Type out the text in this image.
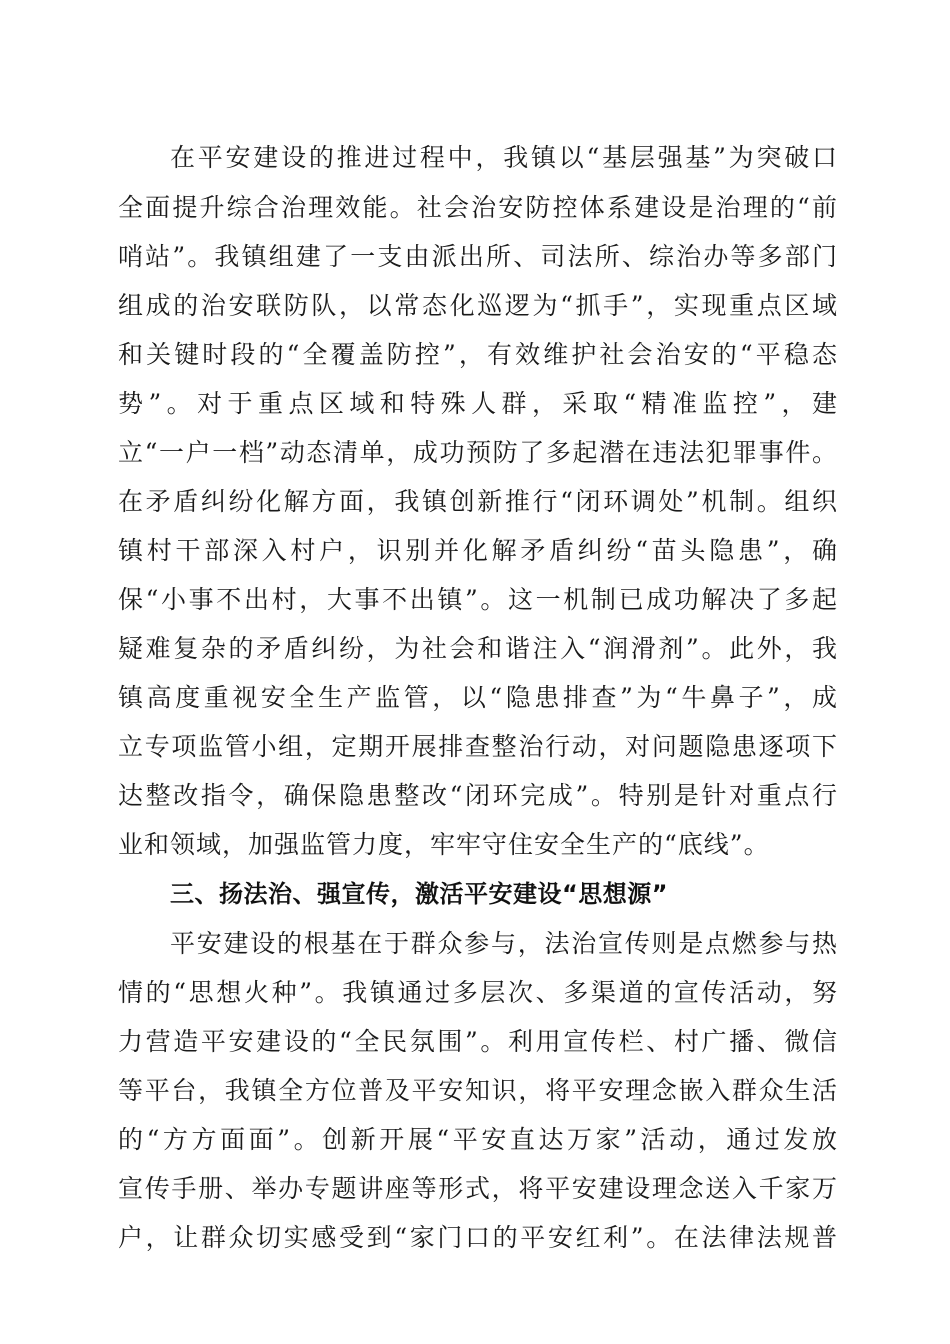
在平安建设的推进过程中，我镇以“基层强基”为突破口
全面提升综合治理效能。社会治安防控体系建设是治理的“前
哨站”。我镇组建了一支由派出所、司法所、综治办等多部门
组成的治安联防队，以常态化巡逻为“抓手”，实现重点区域
和关键时段的“全覆盖防控”，有效维护社会治安的“平稳态
势”。对于重点区域和特殊人群，采取“精准监控”，建
立“一户一档”动态清单，成功预防了多起潜在违法犯罪事件。
在矛盾纠纷化解方面，我镇创新推行“闭环调处”机制。组织
镇村干部深入村户，识别并化解矛盾纠纷“苗头隐患”，确
保“小事不出村，大事不出镇”。这一机制已成功解决了多起
疑难复杂的矛盾纠纷，为社会和谐注入“润滑剂”。此外，我
镇高度重视安全生产监管，以“隐患排查”为“牛鼻子”，成
立专项监管小组，定期开展排查整治行动，对问题隐患逐项下
达整改指令，确保隐患整改“闭环完成”。特别是针对重点行
业和领域，加强监管力度，牢牢守住安全生产的“底线”。
三、扬法治、强宣传，激活平安建设“思想源”
平安建设的根基在于群众参与，法治宣传则是点燃参与热
情的“思想火种”。我镇通过多层次、多渠道的宣传活动，努
力营造平安建设的“全民氛围”。利用宣传栏、村广播、微信
等平台，我镇全方位普及平安知识，将平安理念嵌入群众生活
的“方方面面”。创新开展“平安直达万家”活动，通过发放
宣传手册、举办专题讲座等形式，将平安建设理念送入千家万
户，让群众切实感受到“家门口的平安红利”。在法律法规普
